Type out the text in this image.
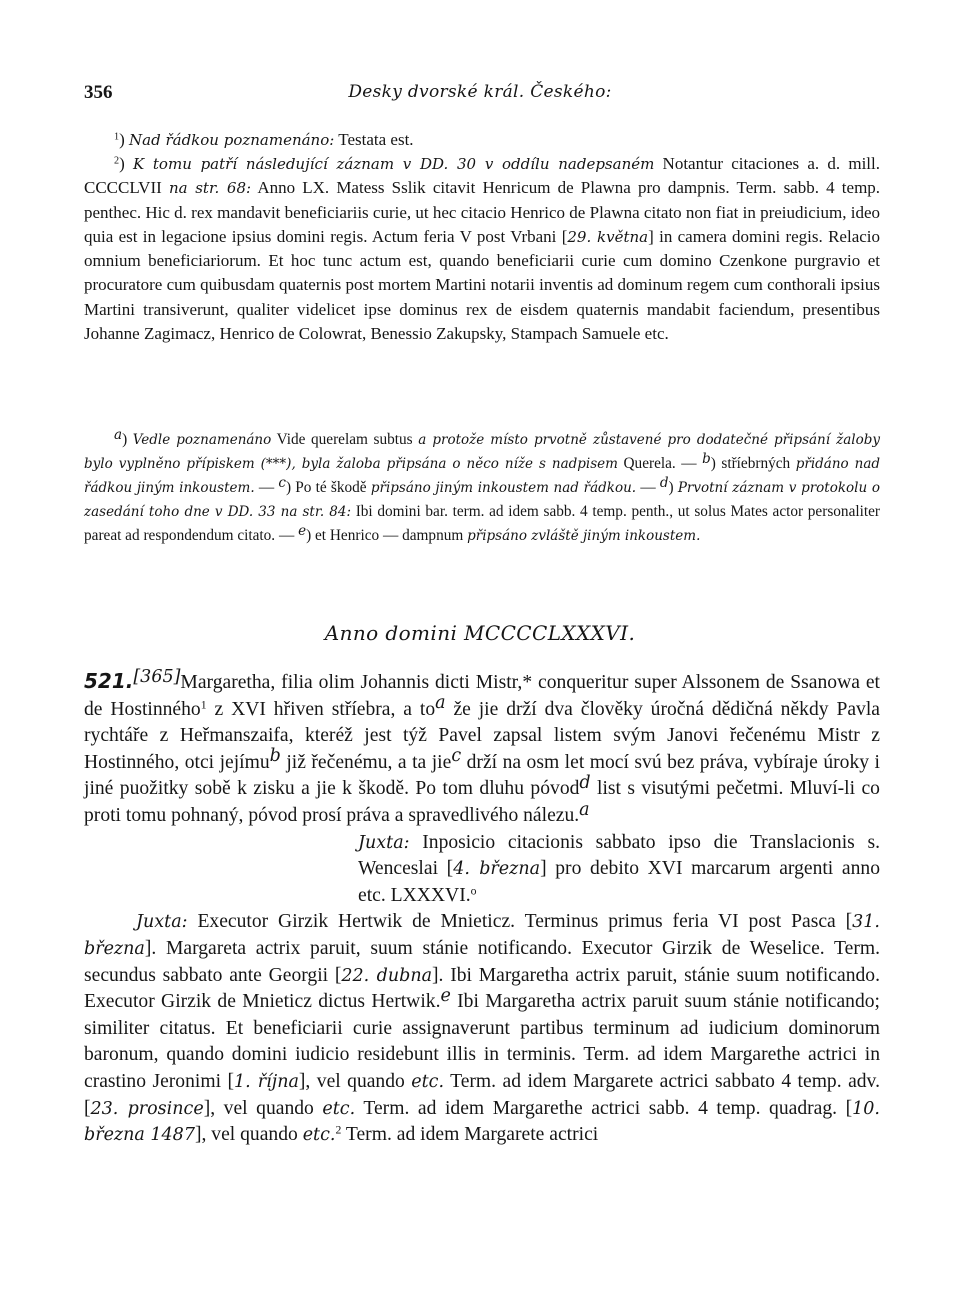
356	Desky dvorské král. Českého:

$^1$) Nad řádkou poznamenáno: Testata est.

$^2$) K tomu patří následující záznam v DD. 30 v oddílu nadepsaném Notantur citaciones a. d. mill. CCCCLVII na str. 68: Anno LX. Matess Sslik citavit Henricum de Plawna pro dampnis. Term. sabb. 4 temp. penthec. Hic d. rex mandavit beneficiariis curie, ut hec citacio Henrico de Plawna citato non fiat in preiudicium, ideo quia est in legacione ipsius domini regis. Actum feria V post Vrbani [29. května] in camera domini regis. Relacio omnium beneficiariorum. Et hoc tunc actum est, quando beneficiarii curie cum domino Czenkone purgravio et procuratore cum quibusdam quaternis post mortem Martini notarii inventis ad dominum regem cum conthorali ipsius Martini transiverunt, qualiter videlicet ipse dominus rex de eisdem quaternis mandabit faciendum, presentibus Johanne Zagimacz, Henrico de Colowrat, Benessio Zakupsky, Stampach Samuele etc.

$^a$) Vedle poznamenáno Vide querelam subtus a protože místo prvotně zůstavené pro dodatečné připsání žaloby bylo vyplněno přípiskem (***), byla žaloba připsána o něco níže s nadpisem Querela. — $^b$) stříebrných přidáno nad řádkou jiným inkoustem. — $^c$) Po té škodě připsáno jiným inkoustem nad řádkou. — $^d$) Prvotní záznam v protokolu o zasedání toho dne v DD. 33 na str. 84: Ibi domini bar. term. ad idem sabb. 4 temp. penth., ut solus Mates actor personaliter pareat ad respondendum citato. — $^e$) et Henrico — dampnum připsáno zvláště jiným inkoustem.

Anno domini MCCCCLXXXVI.

521.[365]Margaretha, filia olim Johannis dicti Mistr,* conqueritur super Alssonem de Ssanowa et de Hostinného$^1$ z XVI hřiven stříebra, a $to^a$ že jie drží dva člověky úročná dědičná někdy Pavla rychtáře z Heřmanszaifa, kteréž jest týž Pavel zapsal listem svým Janovi řečenému Mistr z Hostinného, otci jejímu$^b$ již řečenému, a ta jie$^c$ drží na osm let mocí svú bez práva, vybíraje úroky i jiné puožitky sobě k zisku a jie k škodě. Po tom dluhu póvod$^d$ list s visutými pečetmi. Mluví-li co proti tomu pohnaný, póvod prosí práva a spravedlivého nálezu.$^a$

Juxta: Inposicio citacionis sabbato ipso die Translacionis s. Wenceslai [4. března] pro debito XVI marcarum argenti anno etc. LXXXVI.$^o$

Juxta: Executor Girzik Hertwik de Mnieticz. Terminus primus feria VI post Pasca [31. března]. Margareta actrix paruit, suum stánie notificando. Executor Girzik de Weselice. Term. secundus sabbato ante Georgii [22. dubna]. Ibi Margaretha actrix paruit, stánie suum notificando. Executor Girzik de Mnieticz dictus Hertwik.$^e$ Ibi Margaretha actrix paruit suum stánie notificando; similiter citatus. Et beneficiarii curie assignaverunt partibus terminum ad iudicium dominorum baronum, quando domini iudicio residebunt illis in terminis. Term. ad idem Margarethe actrici in crastino Jeronimi [1. října], vel quando etc. Term. ad idem Margarete actrici sabbato 4 temp. adv. [23. prosince], vel quando etc. Term. ad idem Margarethe actrici sabb. 4 temp. quadrag. [10. března 1487], vel quando etc.$^2$ Term. ad idem Margarete actrici
